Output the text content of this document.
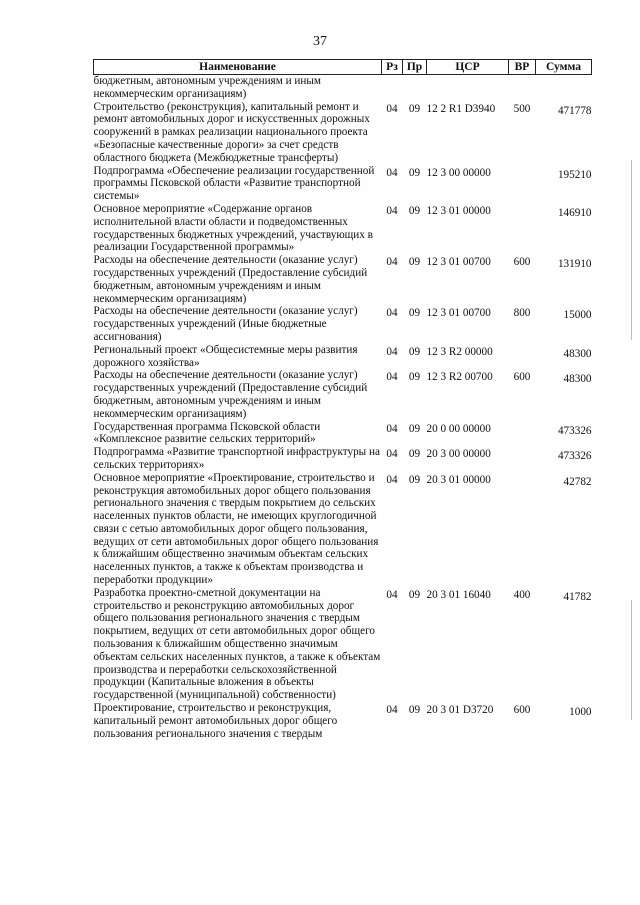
37
Наименование	Рз	Пр	ЦСР	ВР	Сумма
бюджетным, автономным учреждениям и иным некоммерческим организациям)					
Строительство (реконструкция), капитальный ремонт и ремонт автомобильных дорог и искусственных дорожных сооружений в рамках реализации национального проекта «Безопасные качественные дороги» за счет средств областного бюджета (Межбюджетные трансферты)	04	09	12 2 R1 D3940	500	471778
Подпрограмма «Обеспечение реализации государственной программы Псковской области «Развитие транспортной системы»	04	09	12 3 00 00000		195210
Основное мероприятие «Содержание органов исполнительной власти области и подведомственных государственных бюджетных учреждений, участвующих в реализации Государственной программы»	04	09	12 3 01 00000		146910
Расходы на обеспечение деятельности (оказание услуг) государственных учреждений (Предоставление субсидий бюджетным, автономным учреждениям и иным некоммерческим организациям)	04	09	12 3 01 00700	600	131910
Расходы на обеспечение деятельности (оказание услуг) государственных учреждений (Иные бюджетные ассигнования)	04	09	12 3 01 00700	800	15000
Региональный проект «Общесистемные меры развития дорожного хозяйства»	04	09	12 3 R2 00000		48300
Расходы на обеспечение деятельности (оказание услуг) государственных учреждений (Предоставление субсидий бюджетным, автономным учреждениям и иным некоммерческим организациям)	04	09	12 3 R2 00700	600	48300
Государственная программа Псковской области «Комплексное развитие сельских территорий»	04	09	20 0 00 00000		473326
Подпрограмма «Развитие транспортной инфраструктуры на сельских территориях»	04	09	20 3 00 00000		473326
Основное мероприятие «Проектирование, строительство и реконструкция автомобильных дорог общего пользования регионального значения с твердым покрытием до сельских населенных пунктов области, не имеющих круглогодичной связи с сетью автомобильных дорог общего пользования, ведущих от сети автомобильных дорог общего пользования к ближайшим общественно значимым объектам сельских населенных пунктов, а также к объектам производства и переработки продукции»	04	09	20 3 01 00000		42782
Разработка проектно-сметной документации на строительство и реконструкцию автомобильных дорог общего пользования регионального значения с твердым покрытием, ведущих от сети автомобильных дорог общего пользования к ближайшим общественно значимым объектам сельских населенных пунктов, а также к объектам производства и переработки сельскохозяйственной продукции (Капитальные вложения в объекты государственной (муниципальной) собственности)	04	09	20 3 01 16040	400	41782
Проектирование, строительство и реконструкция, капитальный ремонт автомобильных дорог общего пользования регионального значения с твердым	04	09	20 3 01 D3720	600	1000
